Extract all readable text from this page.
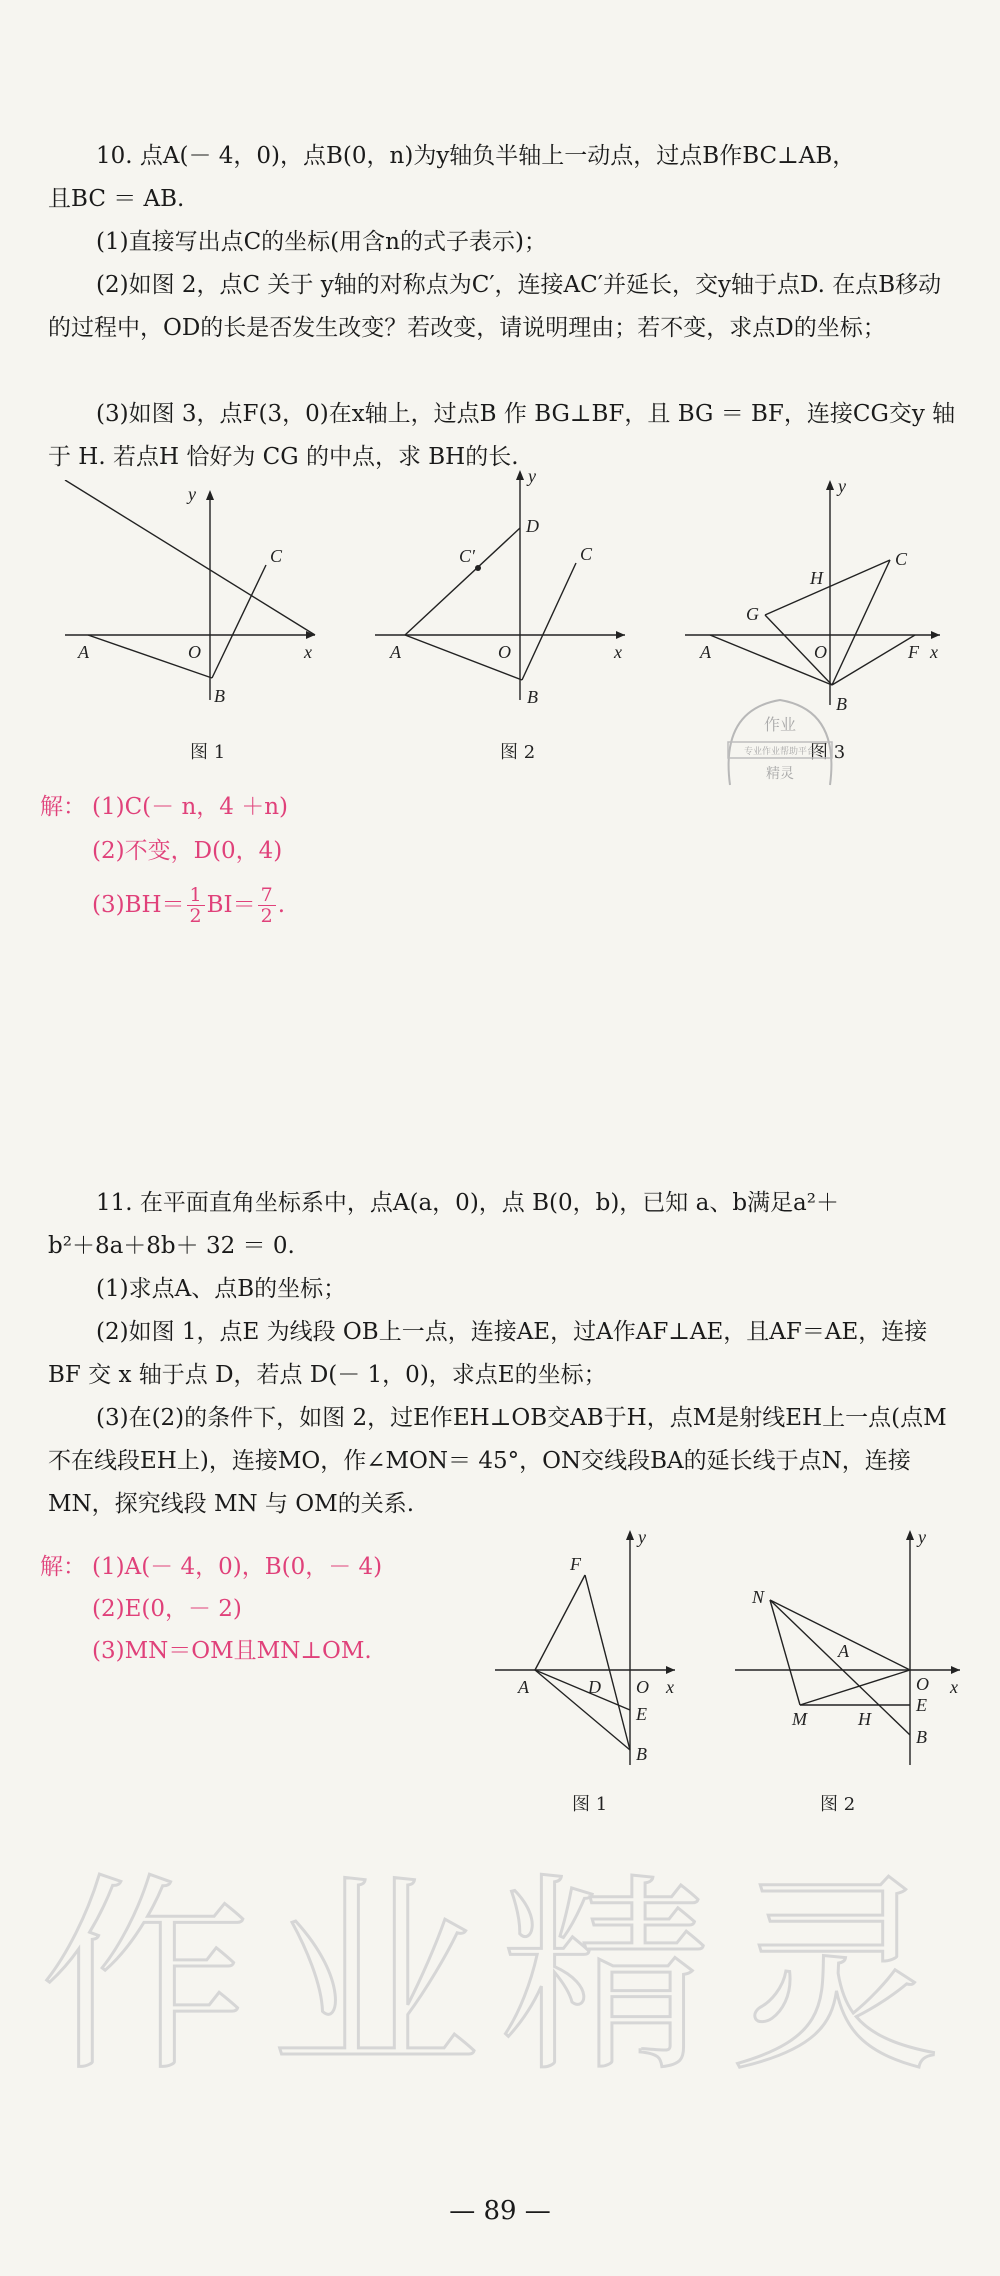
10. 点A(－ 4，0)，点B(0，n)为y轴负半轴上一动点，过点B作BC⊥AB，
且BC ＝ AB.
(1)直接写出点C的坐标(用含n的式子表示)；
(2)如图 2，点C 关于 y轴的对称点为C′，连接AC′并延长，交y轴于点D. 在点B移动的过程中，OD的长是否发生改变？若改变，请说明理由；若不变，求点D的坐标；
(3)如图 3，点F(3，0)在x轴上，过点B 作 BG⊥BF，且 BG ＝ BF，连接CG交y 轴于 H. 若点H 恰好为 CG 的中点，求 BH的长.
y
x
A	O
B
C
图 1
y
x
A	O
B
C
C′
D
图 2
y
x
A	O
B
C
F
G
H
图 3
作业
专业作业帮助平台
精灵
解： (1)C(－ n，4 ＋n)
(2)不变，D(0，4)
$(3)BH= \frac{1}{2} BI= \frac{7}{2}$ .
11. 在平面直角坐标系中，点A(a，0)，点 B(0，b)，已知 a、b满足a²＋
b²＋8a＋8b＋ 32 ＝ 0.
(1)求点A、点B的坐标；
(2)如图 1，点E 为线段 OB上一点，连接AE，过A作AF⊥AE，且AF＝AE，连接BF 交 x 轴于点 D，若点 D(－ 1，0)，求点E的坐标；
(3)在(2)的条件下，如图 2，过E作EH⊥OB交AB于H，点M是射线EH上一点(点M不在线段EH上)，连接MO，作∠MON＝ 45°，ON交线段BA的延长线于点N，连接 MN，探究线段 MN 与 OM的关系.
解： (1)A(－ 4，0)，B(0，－ 4)
(2)E(0，－ 2)
(3)MN＝OM且MN⊥OM.
y
x
A	D O
E
B
F
图 1
y
x
N
A
O
E
B
M	H
图 2
作业精灵
— 89 —
